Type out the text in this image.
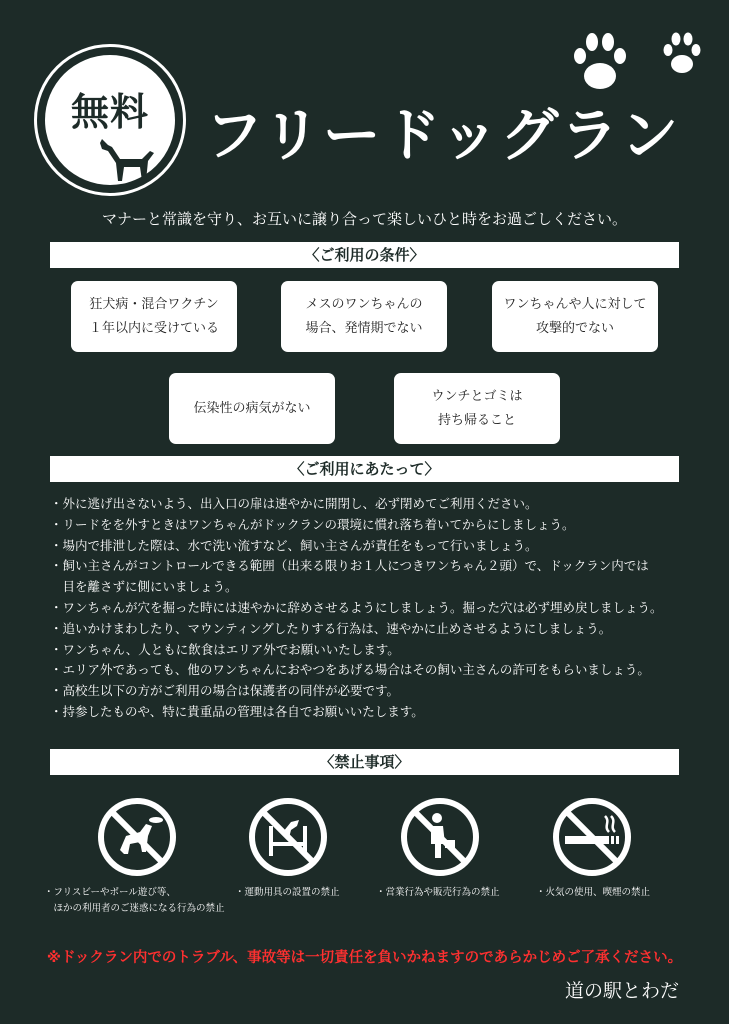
無料 フリードッグラン
マナーと常識を守り、お互いに譲り合って楽しいひと時をお過ごしください。
〈ご利用の条件〉
狂犬病・混合ワクチン
１年以内に受けている
メスのワンちゃんの
場合、発情期でない
ワンちゃんや人に対して
攻撃的でない
伝染性の病気がない
ウンチとゴミは
持ち帰ること
〈ご利用にあたって〉
・外に逃げ出さないよう、出入口の扉は速やかに開閉し、必ず閉めてご利用ください。
・リードをを外すときはワンちゃんがドックランの環境に慣れ落ち着いてからにしましょう。
・場内で排泄した際は、水で洗い流すなど、飼い主さんが責任をもって行いましょう。
・飼い主さんがコントロールできる範囲（出来る限りお１人につきワンちゃん２頭）で、ドックラン内では
　目を離さずに側にいましょう。
・ワンちゃんが穴を掘った時には速やかに辞めさせるようにしましょう。掘った穴は必ず埋め戻しましょう。
・追いかけまわしたり、マウンティングしたりする行為は、速やかに止めさせるようにしましょう。
・ワンちゃん、人ともに飲食はエリア外でお願いいたします。
・エリア外であっても、他のワンちゃんにおやつをあげる場合はその飼い主さんの許可をもらいましょう。
・高校生以下の方がご利用の場合は保護者の同伴が必要です。
・持参したものや、特に貴重品の管理は各自でお願いいたします。
〈禁止事項〉
・フリスビーやボール遊び等、
　ほかの利用者のご迷惑になる行為の禁止
・運動用具の設置の禁止	・営業行為や販売行為の禁止	・火気の使用、喫煙の禁止
※ドックラン内でのトラブル、事故等は一切責任を負いかねますのであらかじめご了承ください。
道の駅とわだ
